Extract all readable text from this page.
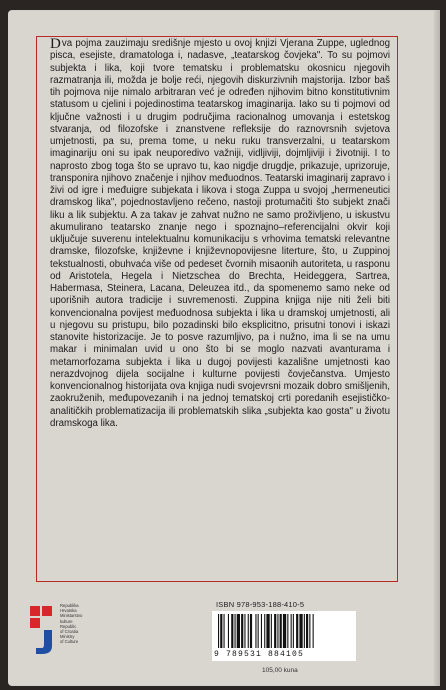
Dva pojma zauzimaju središnje mjesto u ovoj knjizi Vjerana Zuppe, uglednog pisca, esejiste, dramatologa i, nadasve, „teatarskog čovjeka". To su pojmovi subjekta i lika, koji tvore tematsku i problematsku okosnicu njegovih razmatranja ili, možda je bolje reći, njegovih diskurzivnih majstorija. Izbor baš tih pojmova nije nimalo arbitraran već je određen njihovim bitno konstitutivnim statusom u cjelini i pojedinostima teatarskog imaginarija. Iako su ti pojmovi od ključne važnosti i u drugim područjima racionalnog umovanja i estetskog stvaranja, od filozofske i znanstvene refleksije do raznovrsnih svjetova umjetnosti, pa su, prema tome, u neku ruku transverzalni, u teatarskom imaginariju oni su ipak neuporedivo važniji, vidljiviji, dojmljiviji i životniji. I to naprosto zbog toga što se upravo tu, kao nigdje drugdje, prikazuje, uprizoruje, transponira njihovo značenje i njihov međuodnos. Teatarski imaginarij zapravo i živi od igre i međuigre subjekata i likova i stoga Zuppa u svojoj „hermeneutici dramskog lika", pojednostavljeno rečeno, nastoji protumačiti što subjekt znači liku a lik subjektu. A za takav je zahvat nužno ne samo proživljeno, u iskustvu akumulirano teatarsko znanje nego i spoznajno–referencijalni okvir koji uključuje suverenu intelektualnu komunikaciju s vrhovima tematski relevantne dramske, filozofske, književne i književnopovijesne literture, što, u Zuppinoj tekstualnosti, obuhvaća više od pedeset čvornih misaonih autoriteta, u rasponu od Aristotela, Hegela i Nietzschea do Brechta, Heideggera, Sartrea, Habermasa, Steinera, Lacana, Deleuzea itd., da spomenemo samo neke od uporišnih autora tradicije i suvremenosti. Zuppina knjiga nije niti želi biti konvencionalna povijest međuodnosa subjekta i lika u dramskoj umjetnosti, ali u njegovu su pristupu, bilo pozadinski bilo eksplicitno, prisutni tonovi i iskazi stanovite historizacije. Je to posve razumljivo, pa i nužno, ima li se na umu makar i minimalan uvid u ono što bi se moglo nazvati avanturama i metamorfozama subjekta i lika u dugoj povijesti kazališne umjetnosti kao nerazdvojnog dijela socijalne i kulturne povijesti čovječanstva. Umjesto konvencionalnog historijata ova knjiga nudi svojevrsni mozaik dobro smišljenih, zaokruženih, međupovezanih i na jednoj tematskoj crti poredanih esejističko-analitičkih problematizacija ili problematskih slika „subjekta kao gosta" u životu dramskoga lika.

Republika
Hrvatska
Ministarstvo
kulture
Republic
of Croatia
Ministry
of Culture
ISBN 978-953-188-410-5
9 789531 884105
105,00 kuna
